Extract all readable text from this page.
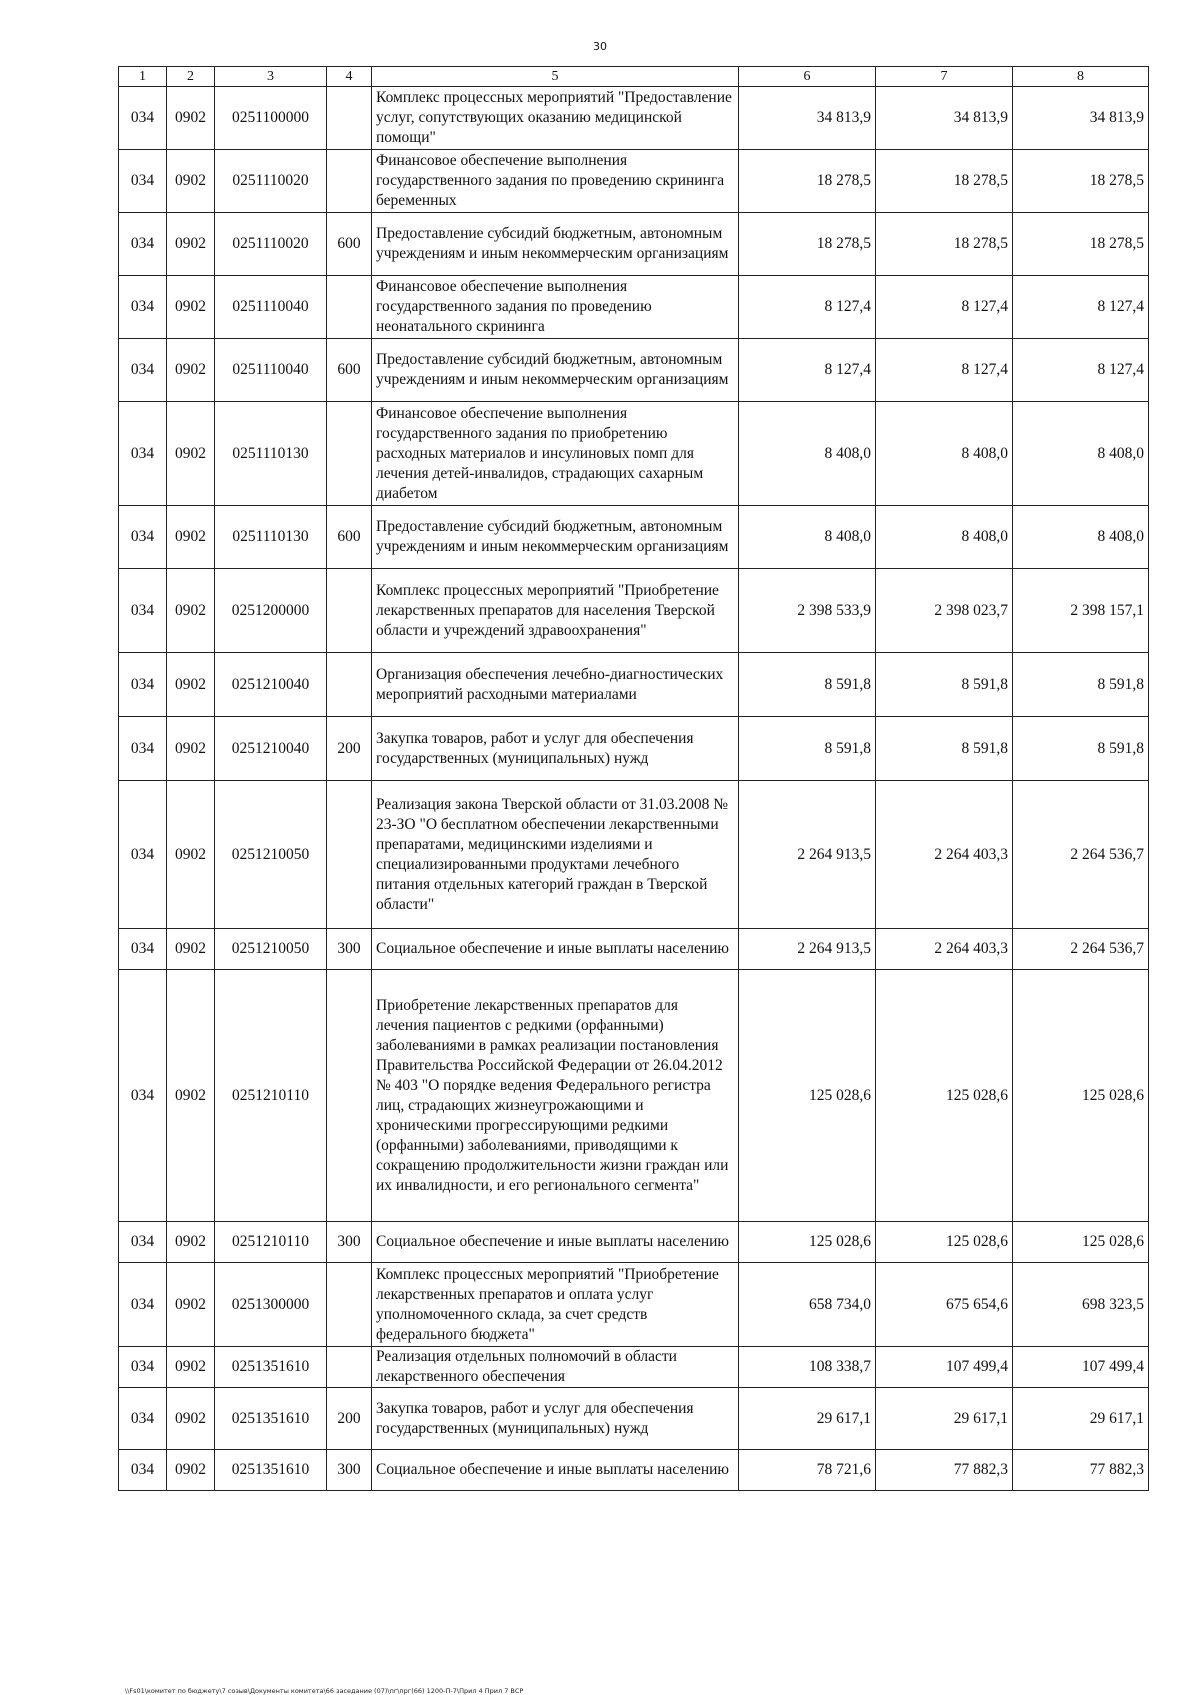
30
1	2	3	4	5	6	7	8
034	0902	0251100000		Комплекс процессных мероприятий "Предоставление услуг, сопутствующих оказанию медицинской помощи"	34 813,9	34 813,9	34 813,9
034	0902	0251110020		Финансовое обеспечение выполнения государственного задания по проведению скрининга беременных	18 278,5	18 278,5	18 278,5
034	0902	0251110020	600	Предоставление субсидий бюджетным, автономным учреждениям и иным некоммерческим организациям	18 278,5	18 278,5	18 278,5
034	0902	0251110040		Финансовое обеспечение выполнения государственного задания по проведению неонатального скрининга	8 127,4	8 127,4	8 127,4
034	0902	0251110040	600	Предоставление субсидий бюджетным, автономным учреждениям и иным некоммерческим организациям	8 127,4	8 127,4	8 127,4
034	0902	0251110130		Финансовое обеспечение выполнения государственного задания по приобретению расходных материалов и инсулиновых помп для лечения детей-инвалидов, страдающих сахарным диабетом	8 408,0	8 408,0	8 408,0
034	0902	0251110130	600	Предоставление субсидий бюджетным, автономным учреждениям и иным некоммерческим организациям	8 408,0	8 408,0	8 408,0
034	0902	0251200000		Комплекс процессных мероприятий "Приобретение лекарственных препаратов для населения Тверской области и учреждений здравоохранения"	2 398 533,9	2 398 023,7	2 398 157,1
034	0902	0251210040		Организация обеспечения лечебно-диагностических мероприятий расходными материалами	8 591,8	8 591,8	8 591,8
034	0902	0251210040	200	Закупка товаров, работ и услуг для обеспечения государственных (муниципальных) нужд	8 591,8	8 591,8	8 591,8
034	0902	0251210050		Реализация закона Тверской области от 31.03.2008 № 23-ЗО "О бесплатном обеспечении лекарственными препаратами, медицинскими изделиями и специализированными продуктами лечебного питания отдельных категорий граждан в Тверской области"	2 264 913,5	2 264 403,3	2 264 536,7
034	0902	0251210050	300	Социальное обеспечение и иные выплаты населению	2 264 913,5	2 264 403,3	2 264 536,7
034	0902	0251210110		Приобретение лекарственных препаратов для лечения пациентов с редкими (орфанными) заболеваниями в рамках реализации постановления Правительства Российской Федерации от 26.04.2012 № 403 "О порядке ведения Федерального регистра лиц, страдающих жизнеугрожающими и хроническими прогрессирующими редкими (орфанными) заболеваниями, приводящими к сокращению продолжительности жизни граждан или их инвалидности, и его регионального сегмента"	125 028,6	125 028,6	125 028,6
034	0902	0251210110	300	Социальное обеспечение и иные выплаты населению	125 028,6	125 028,6	125 028,6
034	0902	0251300000		Комплекс процессных мероприятий "Приобретение лекарственных препаратов и оплата услуг уполномоченного склада, за счет средств федерального бюджета"	658 734,0	675 654,6	698 323,5
034	0902	0251351610		Реализация отдельных полномочий в области лекарственного обеспечения	108 338,7	107 499,4	107 499,4
034	0902	0251351610	200	Закупка товаров, работ и услуг для обеспечения государственных (муниципальных) нужд	29 617,1	29 617,1	29 617,1
034	0902	0251351610	300	Социальное обеспечение и иные выплаты населению	78 721,6	77 882,3	77 882,3
\\Fs01\комитет по бюджету\7 созыв\Документы комитета\66 заседание (07)\пг\прг(66) 1200-П-7\Прил 4 Прил 7 ВСР
